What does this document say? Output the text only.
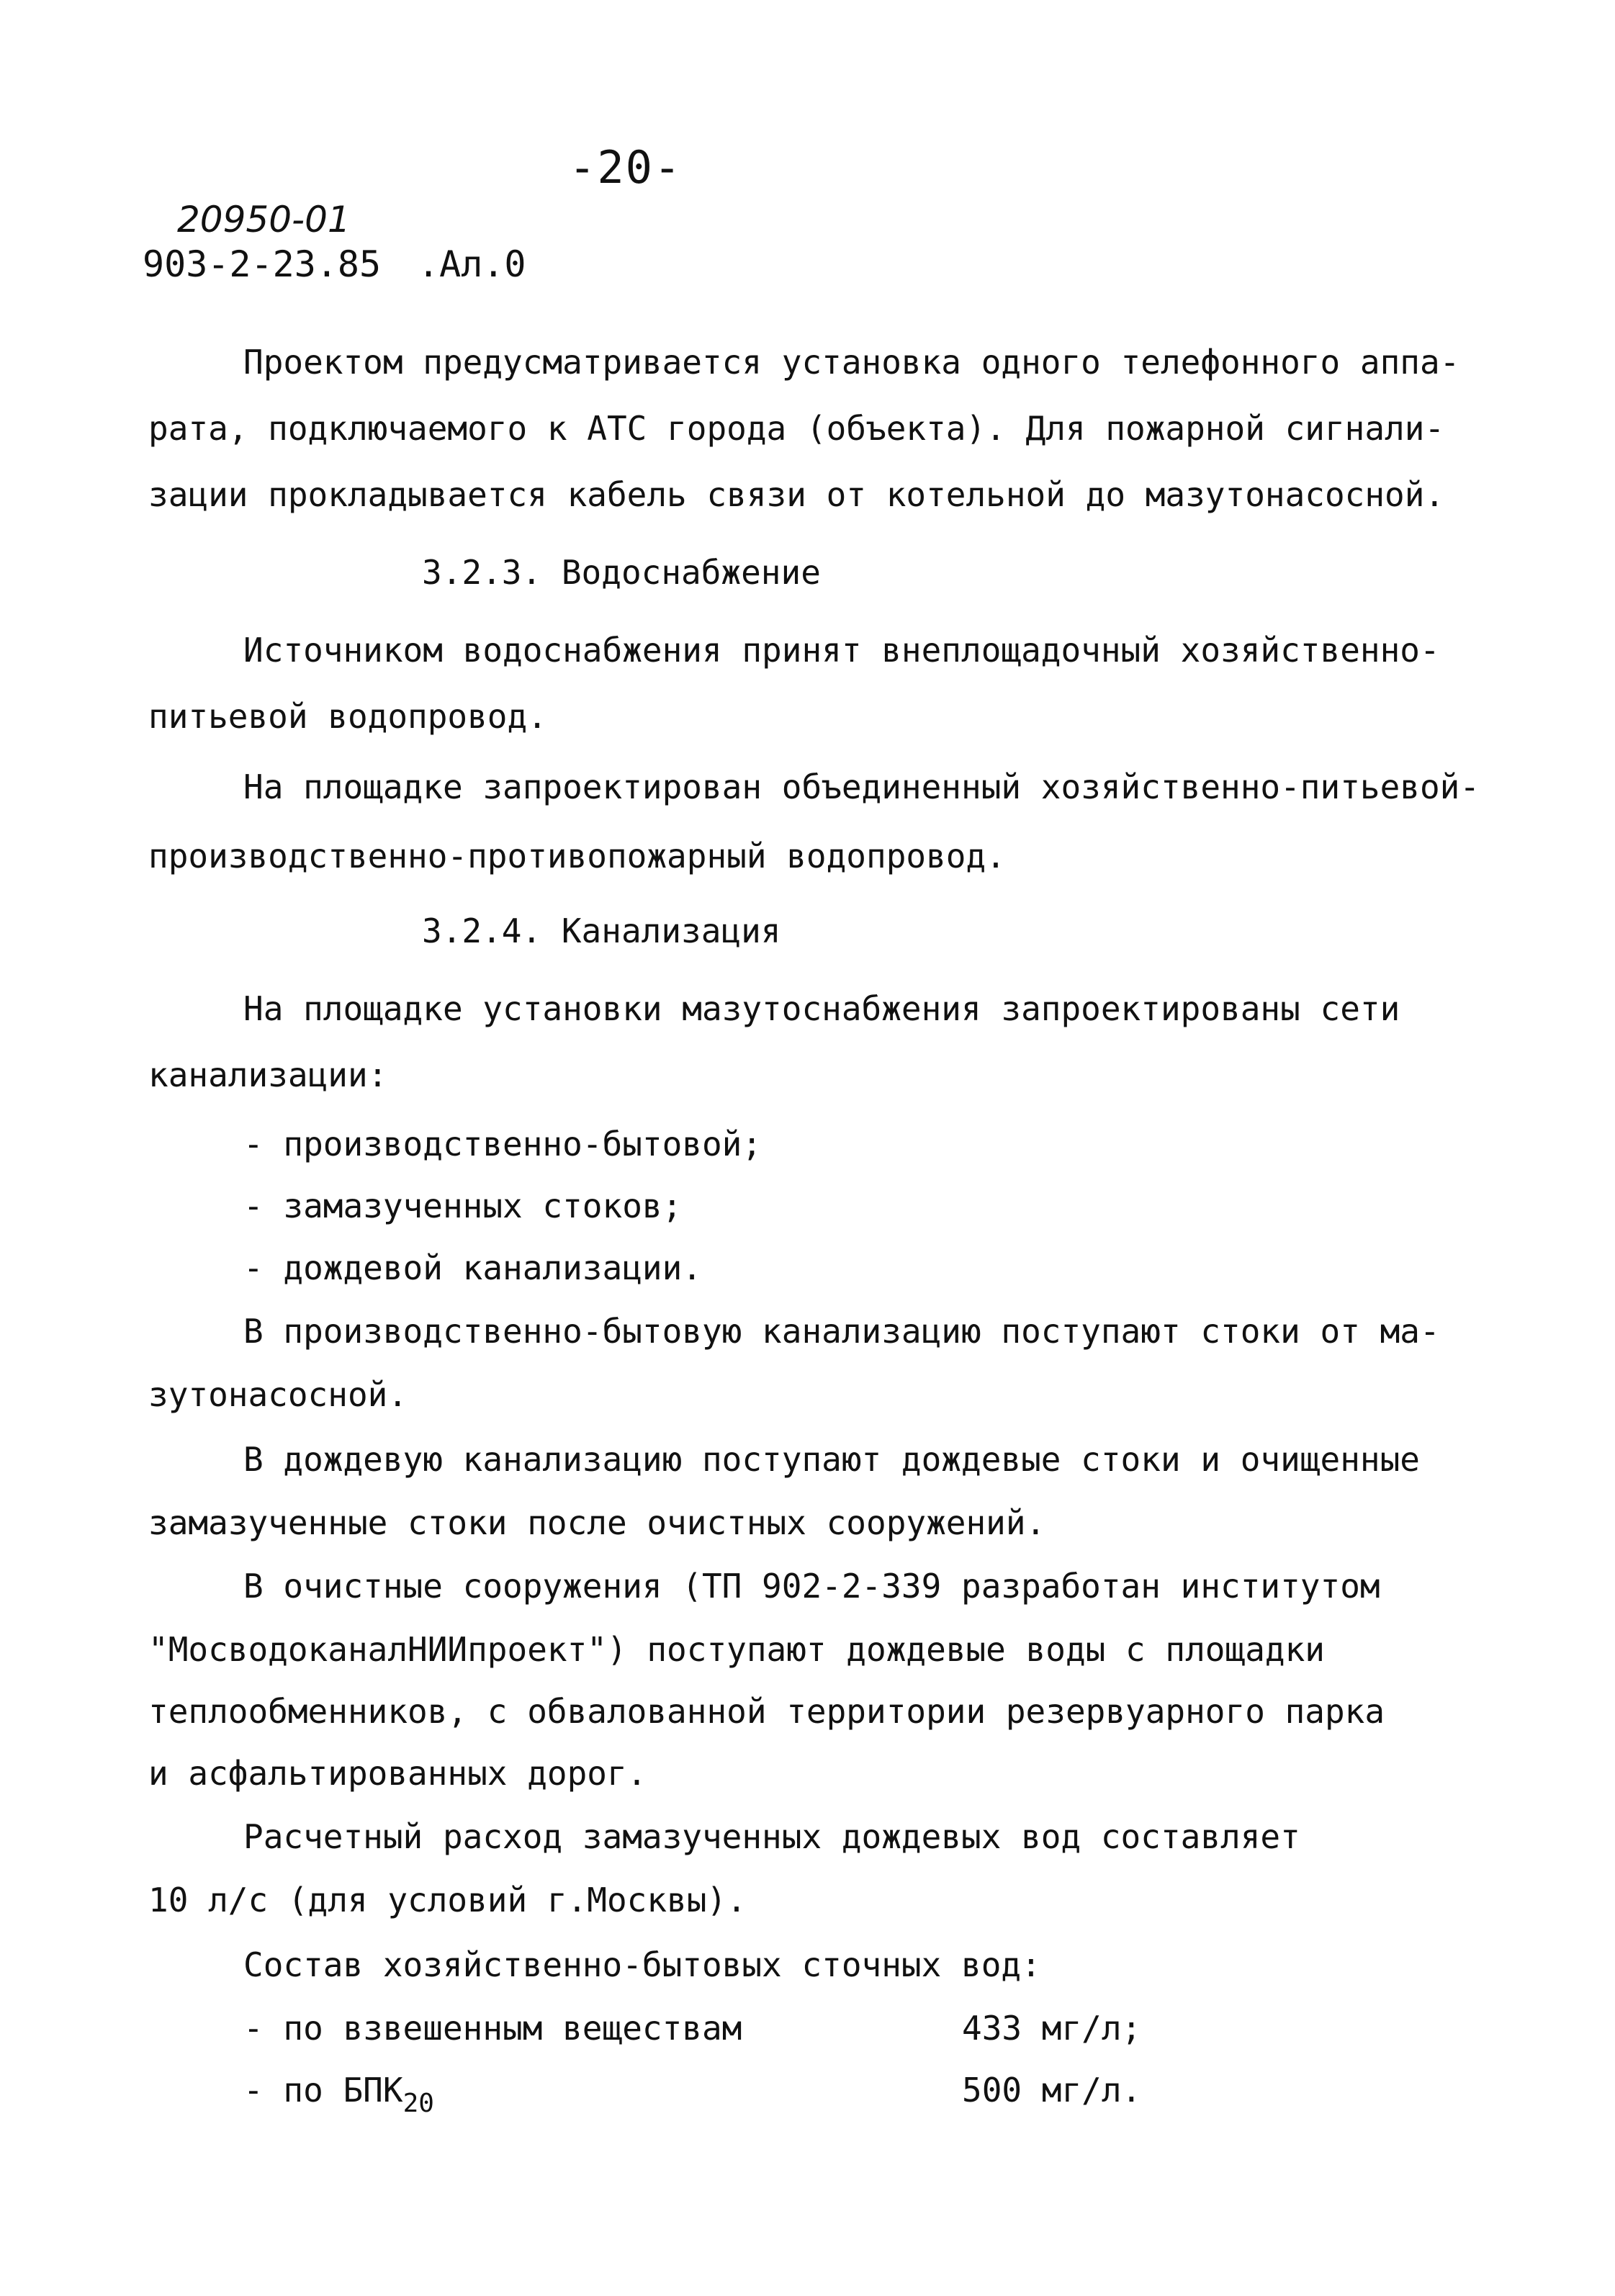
-20-
20950-01
903-2-23.85 .Ал.0
Проектом предусматривается установка одного телефонного аппа-
рата, подключаемого к АТС города (объекта). Для пожарной сигнали-
зации прокладывается кабель связи от котельной до мазутонасосной.
3.2.3. Водоснабжение
Источником водоснабжения принят внеплощадочный хозяйственно-
питьевой водопровод.
На площадке запроектирован объединенный хозяйственно-питьевой-
производственно-противопожарный водопровод.
3.2.4. Канализация
На площадке установки мазутоснабжения запроектированы сети
канализации:
- производственно-бытовой;
- замазученных стоков;
- дождевой канализации.
В производственно-бытовую канализацию поступают стоки от ма-
зутонасосной.
В дождевую канализацию поступают дождевые стоки и очищенные
замазученные стоки после очистных сооружений.
В очистные сооружения (ТП 902-2-339 разработан институтом
"МосводоканалНИИпроект") поступают дождевые воды с площадки
теплообменников, с обвалованной территории резервуарного парка
и асфальтированных дорог.
Расчетный расход замазученных дождевых вод составляет
10 л/с (для условий г.Москвы).
Состав хозяйственно-бытовых сточных вод:
- по взвешенным веществам	433 мг/л;
- по $БПК_{20}$	500 мг/л.
